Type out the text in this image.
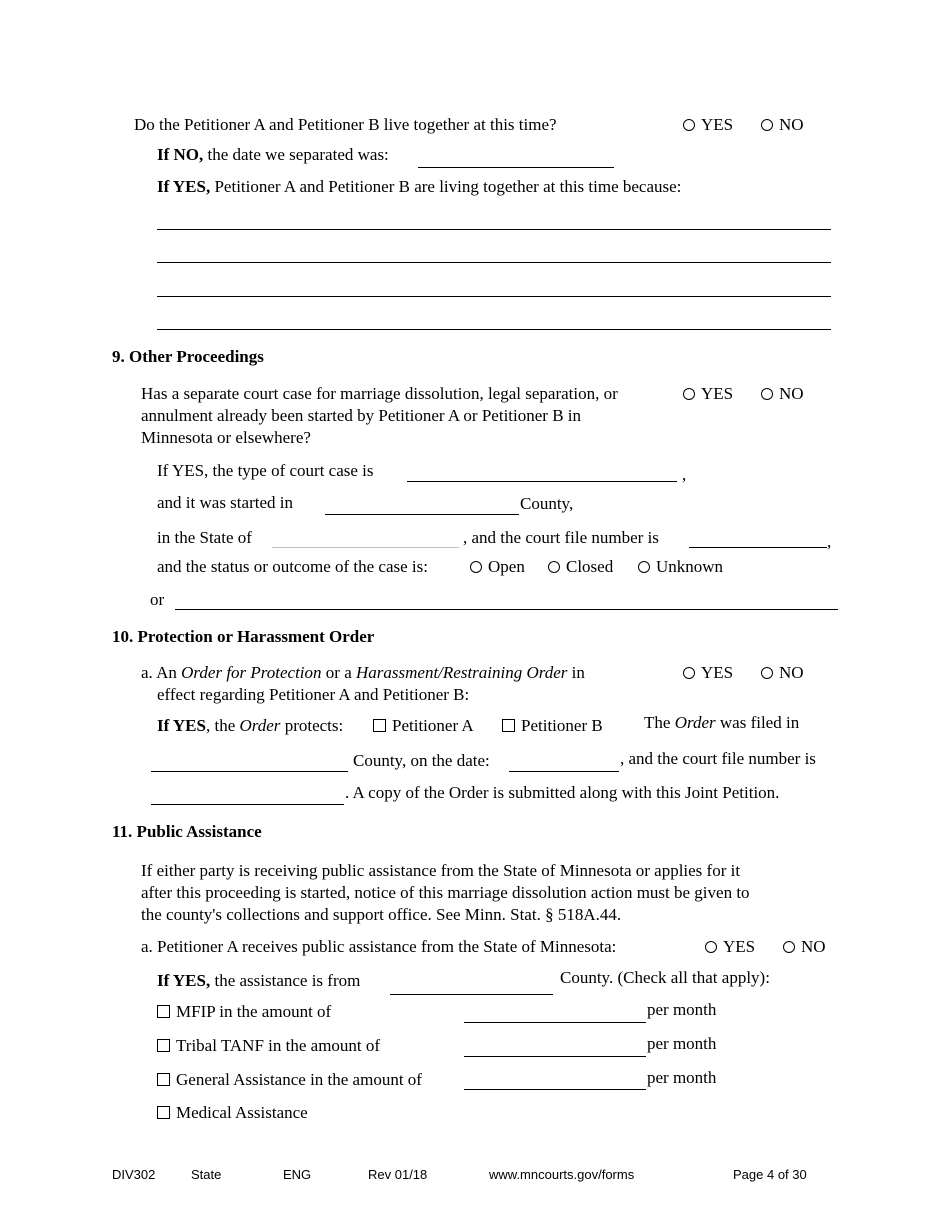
Do the Petitioner A and Petitioner B live together at this time?	YES	NO
If NO, the date we separated was:
If YES, Petitioner A and Petitioner B are living together at this time because:
9. Other Proceedings
Has a separate court case for marriage dissolution, legal separation, or
annulment already been started by Petitioner A or Petitioner B in
Minnesota or elsewhere?
YES	NO
If YES, the type of court case is	,
and it was started in	County,
in the State of	, and the court file number is	,
and the status or outcome of the case is:	Open	Closed	Unknown
or
10. Protection or Harassment Order
a. An Order for Protection or a Harassment/Restraining Order in
effect regarding Petitioner A and Petitioner B:
YES	NO
If YES, the Order protects:	Petitioner A	Petitioner B The Order was filed in
County, on the date:	, and the court file number is
. A copy of the Order is submitted along with this Joint Petition.
11. Public Assistance
If either party is receiving public assistance from the State of Minnesota or applies for it
after this proceeding is started, notice of this marriage dissolution action must be given to
the county's collections and support office. See Minn. Stat. § 518A.44.
a. Petitioner A receives public assistance from the State of Minnesota:	YES	NO
If YES, the assistance is from	County. (Check all that apply):
MFIP in the amount of	per month
Tribal TANF in the amount of	per month
General Assistance in the amount of	per month
Medical Assistance
DIV302	State	ENG	Rev 01/18	www.mncourts.gov/forms	Page 4 of 30
